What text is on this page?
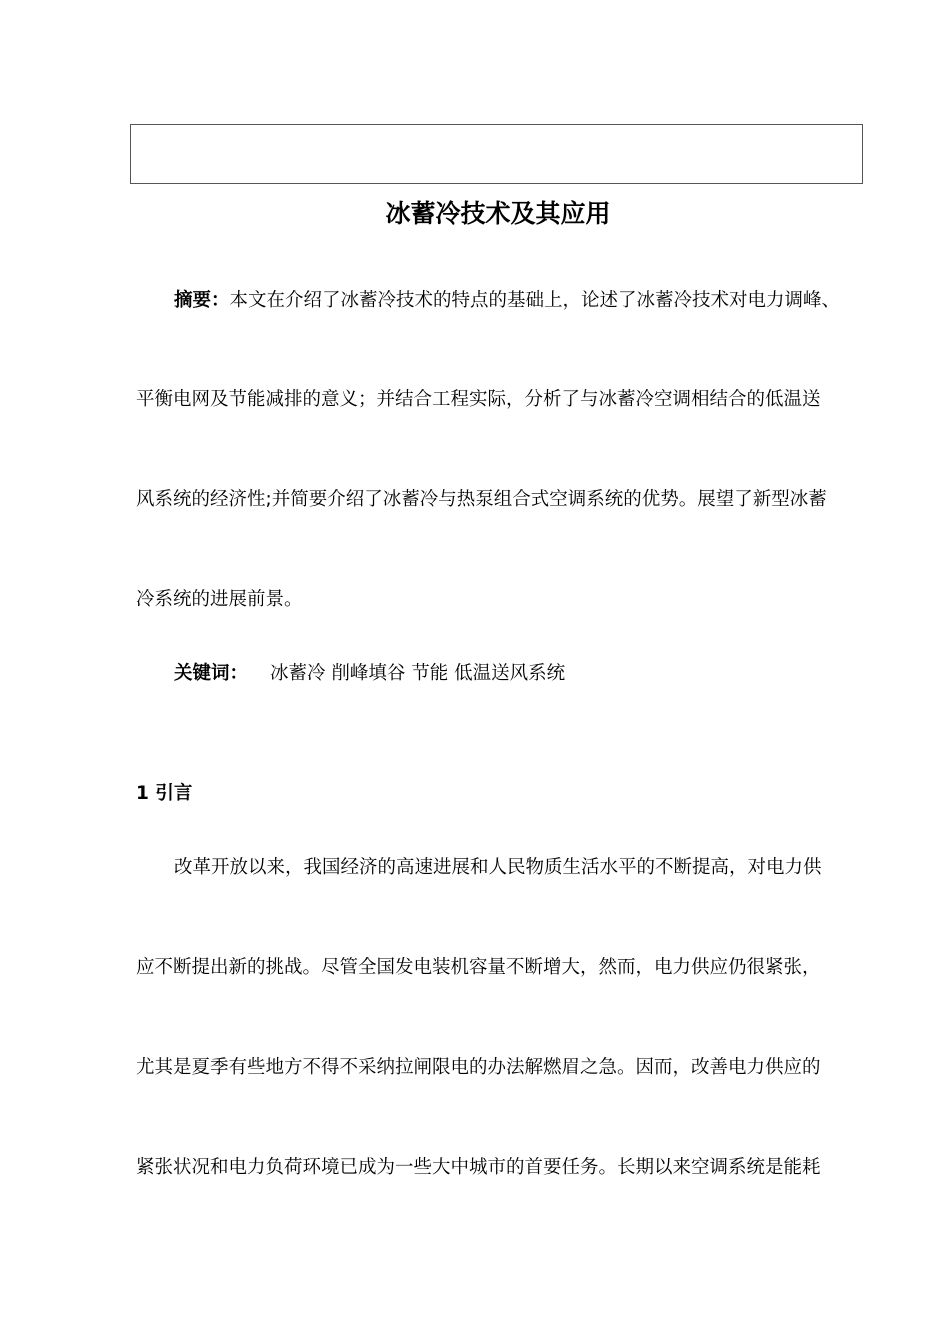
冰蓄冷技术及其应用
摘要：本文在介绍了冰蓄冷技术的特点的基础上，论述了冰蓄冷技术对电力调峰、
平衡电网及节能减排的意义；并结合工程实际，分析了与冰蓄冷空调相结合的低温送
风系统的经济性;并简要介绍了冰蓄冷与热泵组合式空调系统的优势。展望了新型冰蓄
冷系统的进展前景。
关键词： 冰蓄冷 削峰填谷 节能 低温送风系统
1 引言
改革开放以来，我国经济的高速进展和人民物质生活水平的不断提高，对电力供
应不断提出新的挑战。尽管全国发电装机容量不断增大，然而，电力供应仍很紧张，
尤其是夏季有些地方不得不采纳拉闸限电的办法解燃眉之急。因而，改善电力供应的
紧张状况和电力负荷环境已成为一些大中城市的首要任务。长期以来空调系统是能耗
